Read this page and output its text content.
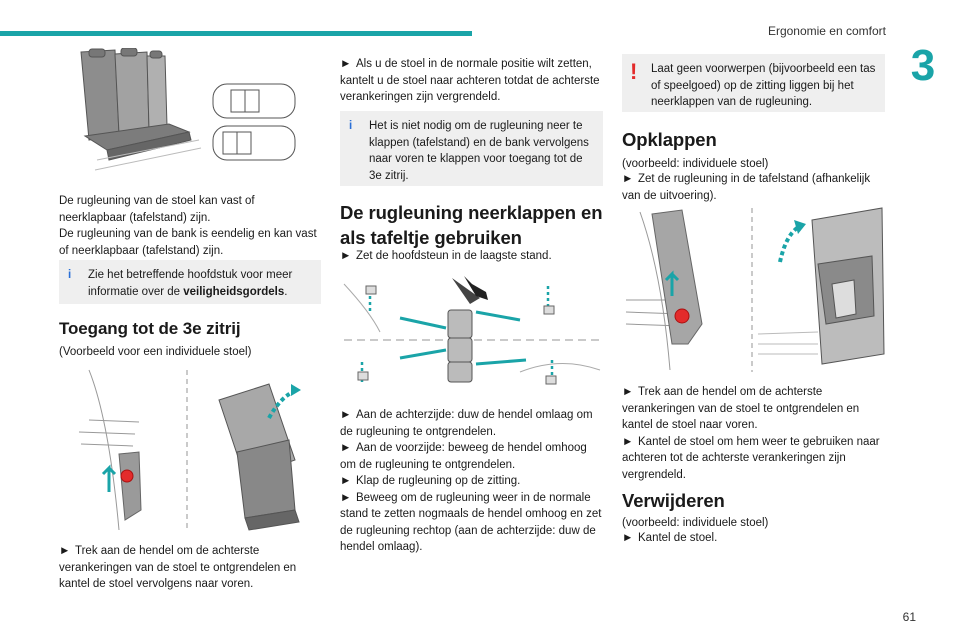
Ergonomie en comfort
3
61

De rugleuning van de stoel kan vast of neerklapbaar (tafelstand) zijn.

De rugleuning van de bank is eendelig en kan vast of neerklapbaar (tafelstand) zijn.

i	Zie het betreffende hoofdstuk voor meer informatie over de veiligheidsgordels.
Toegang tot de 3e zitrij

(Voorbeeld voor een individuele stoel)

► Trek aan de hendel om de achterste verankeringen van de stoel te ontgrendelen en kantel de stoel vervolgens naar voren.

► Als u de stoel in de normale positie wilt zetten, kantelt u de stoel naar achteren totdat de achterste verankeringen zijn vergrendeld.

i	Het is niet nodig om de rugleuning neer te klappen (tafelstand) en de bank vervolgens naar voren te klappen voor toegang tot de 3e zitrij.
De rugleuning neerklappen en als tafeltje gebruiken

► Zet de hoofdsteun in de laagste stand.

► Aan de achterzijde: duw de hendel omlaag om de rugleuning te ontgrendelen.

► Aan de voorzijde: beweeg de hendel omhoog om de rugleuning te ontgrendelen.

► Klap de rugleuning op de zitting.

► Beweeg om de rugleuning weer in de normale stand te zetten nogmaals de hendel omhoog en zet de rugleuning rechtop (aan de achterzijde: duw de hendel omlaag).

! Laat geen voorwerpen (bijvoorbeeld een tas of speelgoed) op de zitting liggen bij het neerklappen van de rugleuning.
Opklappen

(voorbeeld: individuele stoel)

► Zet de rugleuning in de tafelstand (afhankelijk van de uitvoering).

► Trek aan de hendel om de achterste verankeringen van de stoel te ontgrendelen en kantel de stoel naar voren.

► Kantel de stoel om hem weer te gebruiken naar achteren tot de achterste verankeringen zijn vergrendeld.

Verwijderen

(voorbeeld: individuele stoel)

► Kantel de stoel.
